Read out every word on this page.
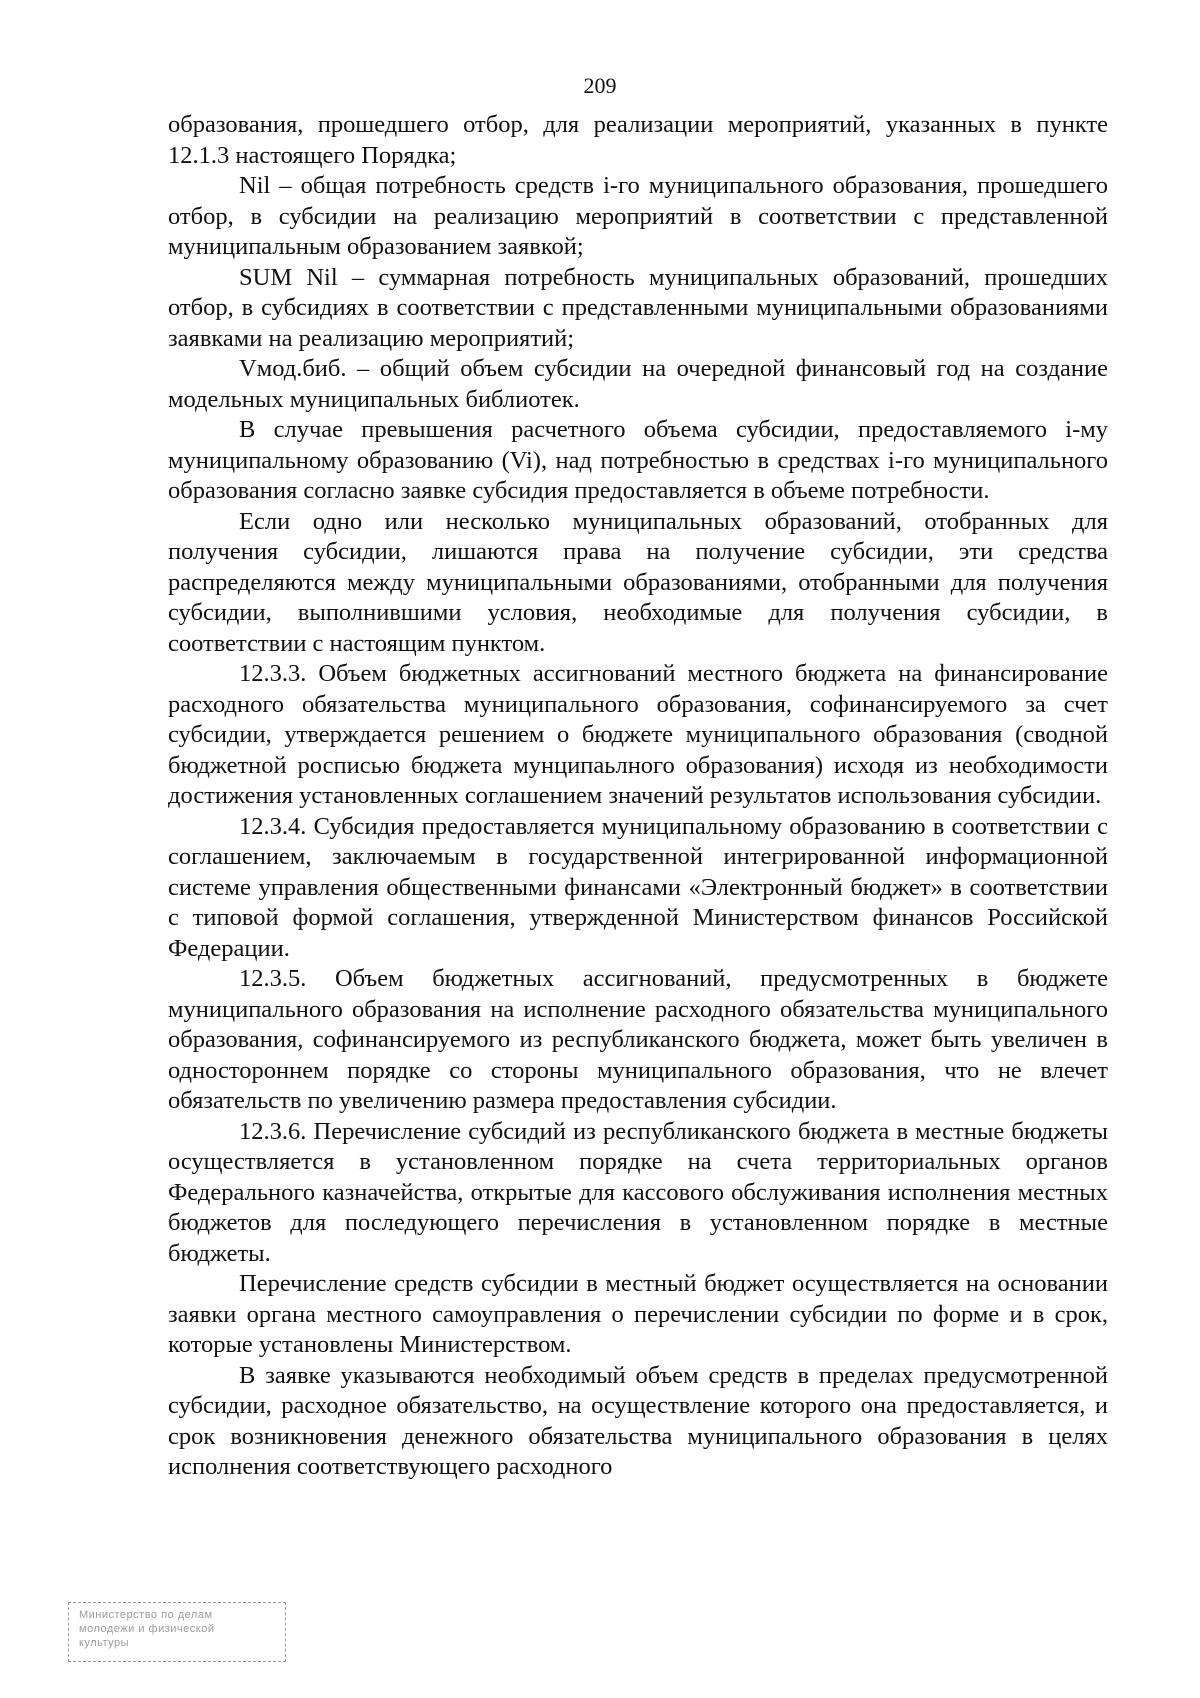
209

образования, прошедшего отбор, для реализации мероприятий, указанных в пункте 12.1.3 настоящего Порядка;

Nil – общая потребность средств i-го муниципального образования, прошедшего отбор, в субсидии на реализацию мероприятий в соответствии с представленной муниципальным образованием заявкой;

SUM Nil – суммарная потребность муниципальных образований, прошедших отбор, в субсидиях в соответствии с представленными муниципальными образованиями заявками на реализацию мероприятий;

Vмод.биб. – общий объем субсидии на очередной финансовый год на создание модельных муниципальных библиотек.

В случае превышения расчетного объема субсидии, предоставляемого i-му муниципальному образованию (Vi), над потребностью в средствах i-го муниципального образования согласно заявке субсидия предоставляется в объеме потребности.

Если одно или несколько муниципальных образований, отобранных для получения субсидии, лишаются права на получение субсидии, эти средства распределяются между муниципальными образованиями, отобранными для получения субсидии, выполнившими условия, необходимые для получения субсидии, в соответствии с настоящим пунктом.

12.3.3. Объем бюджетных ассигнований местного бюджета на финансирование расходного обязательства муниципального образования, софинансируемого за счет субсидии, утверждается решением о бюджете муниципального образования (сводной бюджетной росписью бюджета мунципаьлного образования) исходя из необходимости достижения установленных соглашением значений результатов использования субсидии.

12.3.4. Субсидия предоставляется муниципальному образованию в соответствии с соглашением, заключаемым в государственной интегрированной информационной системе управления общественными финансами «Электронный бюджет» в соответствии с типовой формой соглашения, утвержденной Министерством финансов Российской Федерации.

12.3.5. Объем бюджетных ассигнований, предусмотренных в бюджете муниципального образования на исполнение расходного обязательства муниципального образования, софинансируемого из республиканского бюджета, может быть увеличен в одностороннем порядке со стороны муниципального образования, что не влечет обязательств по увеличению размера предоставления субсидии.

12.3.6. Перечисление субсидий из республиканского бюджета в местные бюджеты осуществляется в установленном порядке на счета территориальных органов Федерального казначейства, открытые для кассового обслуживания исполнения местных бюджетов для последующего перечисления в установленном порядке в местные бюджеты.

Перечисление средств субсидии в местный бюджет осуществляется на основании заявки органа местного самоуправления о перечислении субсидии по форме и в срок, которые установлены Министерством.

В заявке указываются необходимый объем средств в пределах предусмотренной субсидии, расходное обязательство, на осуществление которого она предоставляется, и срок возникновения денежного обязательства муниципального образования в целях исполнения соответствующего расходного

Министерство по делам
молодежи и физической
культуры
